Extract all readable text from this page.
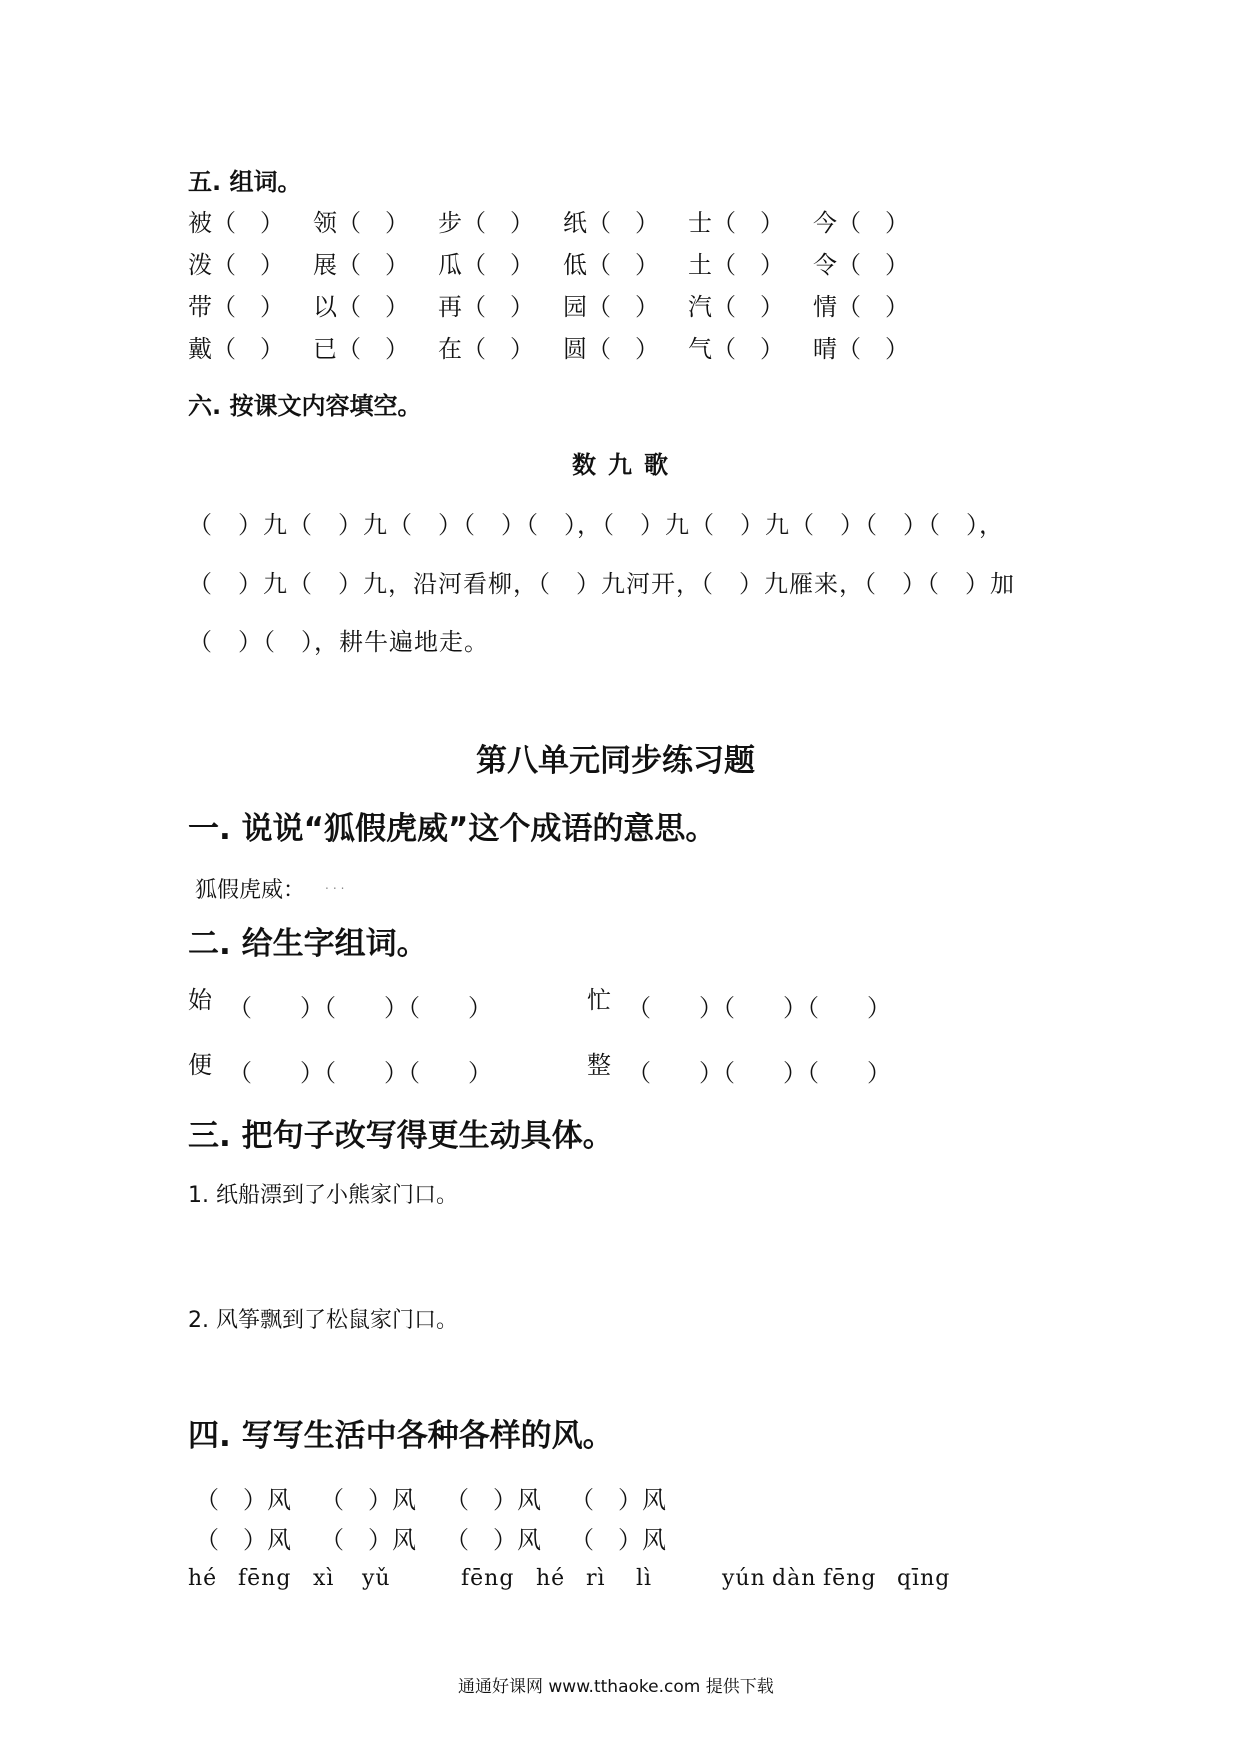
五. 组词。
被（　） 领（　） 步（　） 纸（　） 士（　） 今（　）
泼（　） 展（　） 瓜（　） 低（　） 土（　） 令（　）
带（　） 以（　） 再（　） 园（　） 汽（　） 情（　）
戴（　） 已（　） 在（　） 圆（　） 气（　） 晴（　）
六. 按课文内容填空。
数九歌
（　）九（　）九（　）（　）（　），（　）九（　）九（　）（　）（　），
（　）九（　）九，沿河看柳，（　）九河开，（　）九雁来，（　）（　）加
（　）（　），耕牛遍地走。
第八单元同步练习题
一. 说说“狐假虎威”这个成语的意思。
狐假虎威： ...
二. 给生字组词。
始 （　　）（　　）（　　）	忙 （　　）（　　）（　　）
便 （　　）（　　）（　　）	整 （　　）（　　）（　　）
三. 把句子改写得更生动具体。
1. 纸船漂到了小熊家门口。
2. 风筝飘到了松鼠家门口。
四. 写写生活中各种各样的风。
（　）风 （　）风 （　）风 （　）风
（　）风 （　）风 （　）风 （　）风
hé fēng xì yǔ	fēng hé rì lì	yún dàn fēng qīng
通通好课网 www.tthaoke.com 提供下载
